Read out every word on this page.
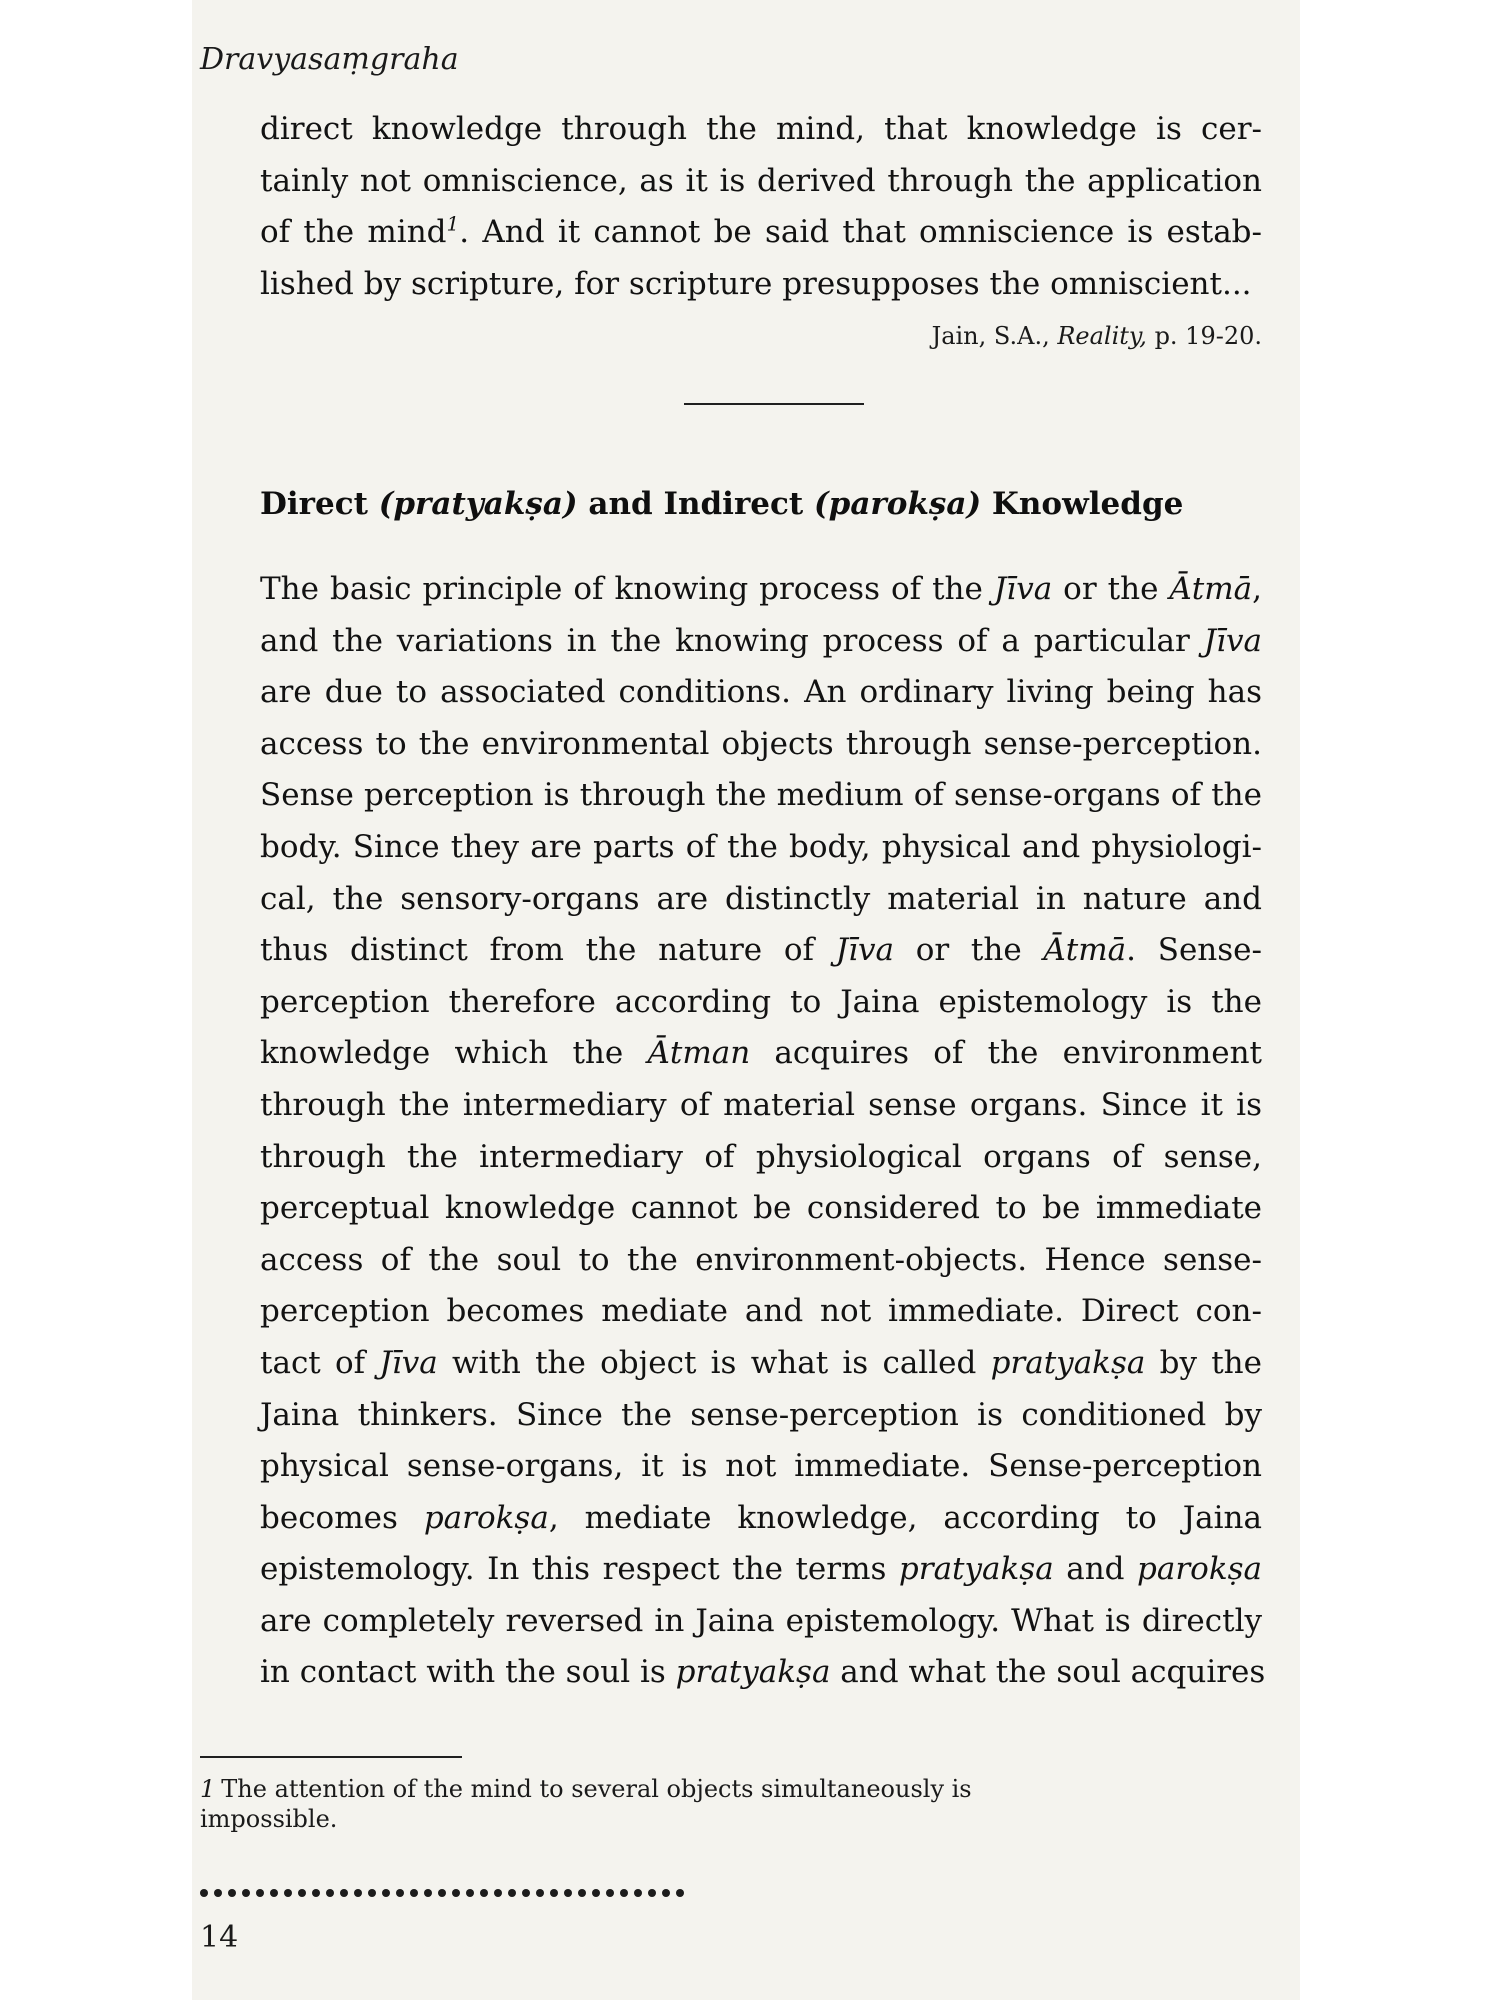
Dravyasaṃgraha
direct knowledge through the mind, that knowledge is cer-
tainly not omniscience, as it is derived through the application
of the mind$^1$. And it cannot be said that omniscience is estab-
lished by scripture, for scripture presupposes the omniscient...
Jain, S.A., Reality, p. 19-20.
Direct (pratyakṣa) and Indirect (parokṣa) Knowledge
The basic principle of knowing process of the Jīva or the Ātmā,
and the variations in the knowing process of a particular Jīva
are due to associated conditions. An ordinary living being has
access to the environmental objects through sense-perception.
Sense perception is through the medium of sense-organs of the
body. Since they are parts of the body, physical and physiologi-
cal, the sensory-organs are distinctly material in nature and
thus distinct from the nature of Jīva or the Ātmā. Sense-
perception therefore according to Jaina epistemology is the
knowledge which the Ātman acquires of the environment
through the intermediary of material sense organs. Since it is
through the intermediary of physiological organs of sense,
perceptual knowledge cannot be considered to be immediate
access of the soul to the environment-objects. Hence sense-
perception becomes mediate and not immediate. Direct con-
tact of Jīva with the object is what is called pratyakṣa by the
Jaina thinkers. Since the sense-perception is conditioned by
physical sense-organs, it is not immediate. Sense-perception
becomes parokṣa, mediate knowledge, according to Jaina
epistemology. In this respect the terms pratyakṣa and parokṣa
are completely reversed in Jaina epistemology. What is directly
in contact with the soul is pratyakṣa and what the soul acquires
1 The attention of the mind to several objects simultaneously is
impossible.
14
